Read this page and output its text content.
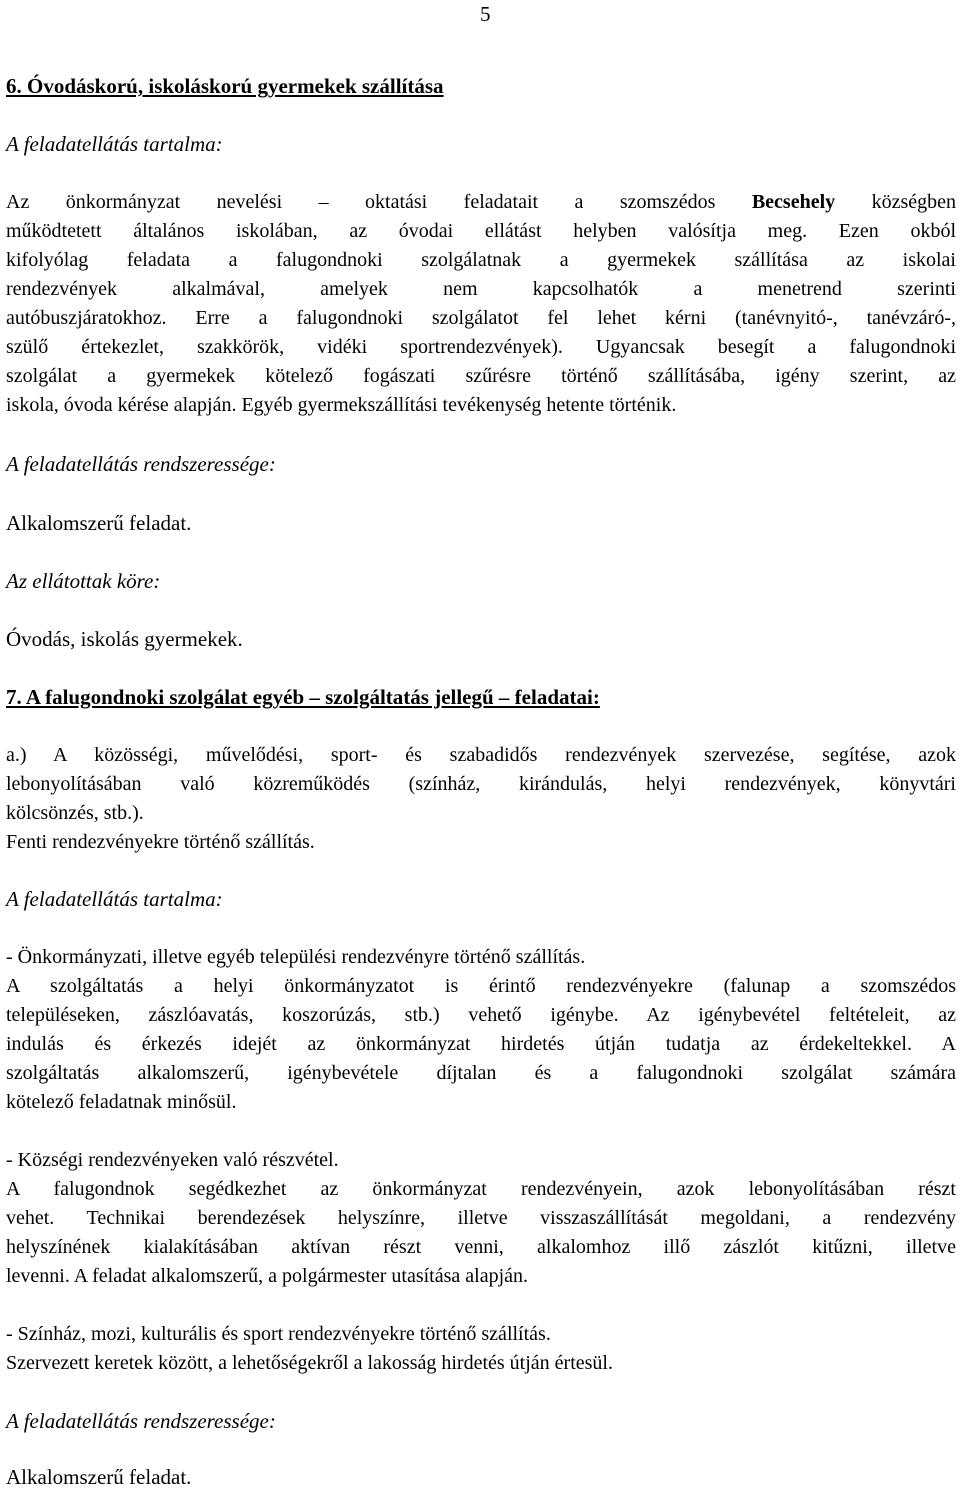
5
6. Óvodáskorú, iskoláskorú gyermekek szállítása
A feladatellátás tartalma:
Az önkormányzat nevelési – oktatási feladatait a szomszédos Becsehely községben
működtetett általános iskolában, az óvodai ellátást helyben valósítja meg. Ezen okból
kifolyólag feladata a falugondnoki szolgálatnak a gyermekek szállítása az iskolai
rendezvények alkalmával, amelyek nem kapcsolhatók a menetrend szerinti
autóbuszjáratokhoz. Erre a falugondnoki szolgálatot fel lehet kérni (tanévnyitó-, tanévzáró-,
szülő értekezlet, szakkörök, vidéki sportrendezvények). Ugyancsak besegít a falugondnoki
szolgálat a gyermekek kötelező fogászati szűrésre történő szállításába, igény szerint, az
iskola, óvoda kérése alapján. Egyéb gyermekszállítási tevékenység hetente történik.
A feladatellátás rendszeressége:
Alkalomszerű feladat.
Az ellátottak köre:
Óvodás, iskolás gyermekek.
7. A falugondnoki szolgálat egyéb – szolgáltatás jellegű – feladatai:
a.) A közösségi, művelődési, sport- és szabadidős rendezvények szervezése, segítése, azok
lebonyolításában való közreműködés (színház, kirándulás, helyi rendezvények, könyvtári
kölcsönzés, stb.).
Fenti rendezvényekre történő szállítás.
A feladatellátás tartalma:
- Önkormányzati, illetve egyéb települési rendezvényre történő szállítás.
A szolgáltatás a helyi önkormányzatot is érintő rendezvényekre (falunap a szomszédos
településeken, zászlóavatás, koszorúzás, stb.) vehető igénybe. Az igénybevétel feltételeit, az
indulás és érkezés idejét az önkormányzat hirdetés útján tudatja az érdekeltekkel. A
szolgáltatás alkalomszerű, igénybevétele díjtalan és a falugondnoki szolgálat számára
kötelező feladatnak minősül.
- Községi rendezvényeken való részvétel.
A falugondnok segédkezhet az önkormányzat rendezvényein, azok lebonyolításában részt
vehet. Technikai berendezések helyszínre, illetve visszaszállítását megoldani, a rendezvény
helyszínének kialakításában aktívan részt venni, alkalomhoz illő zászlót kitűzni, illetve
levenni. A feladat alkalomszerű, a polgármester utasítása alapján.
- Színház, mozi, kulturális és sport rendezvényekre történő szállítás.
Szervezett keretek között, a lehetőségekről a lakosság hirdetés útján értesül.
A feladatellátás rendszeressége:
Alkalomszerű feladat.
